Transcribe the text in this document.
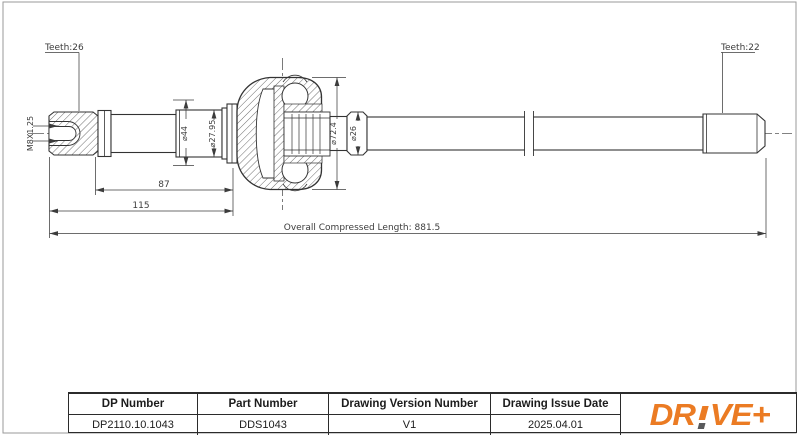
Teeth:26	Teeth:22
M8X1.25	⌀44 ⌀27.95	⌀72.4 ⌀26
87
115
Overall Compressed Length: 881.5
DP Number	Part Number	Drawing Version Number	Drawing Issue Date	DR VE+
DP2110.10.1043	DDS1043	V1	2025.04.01
